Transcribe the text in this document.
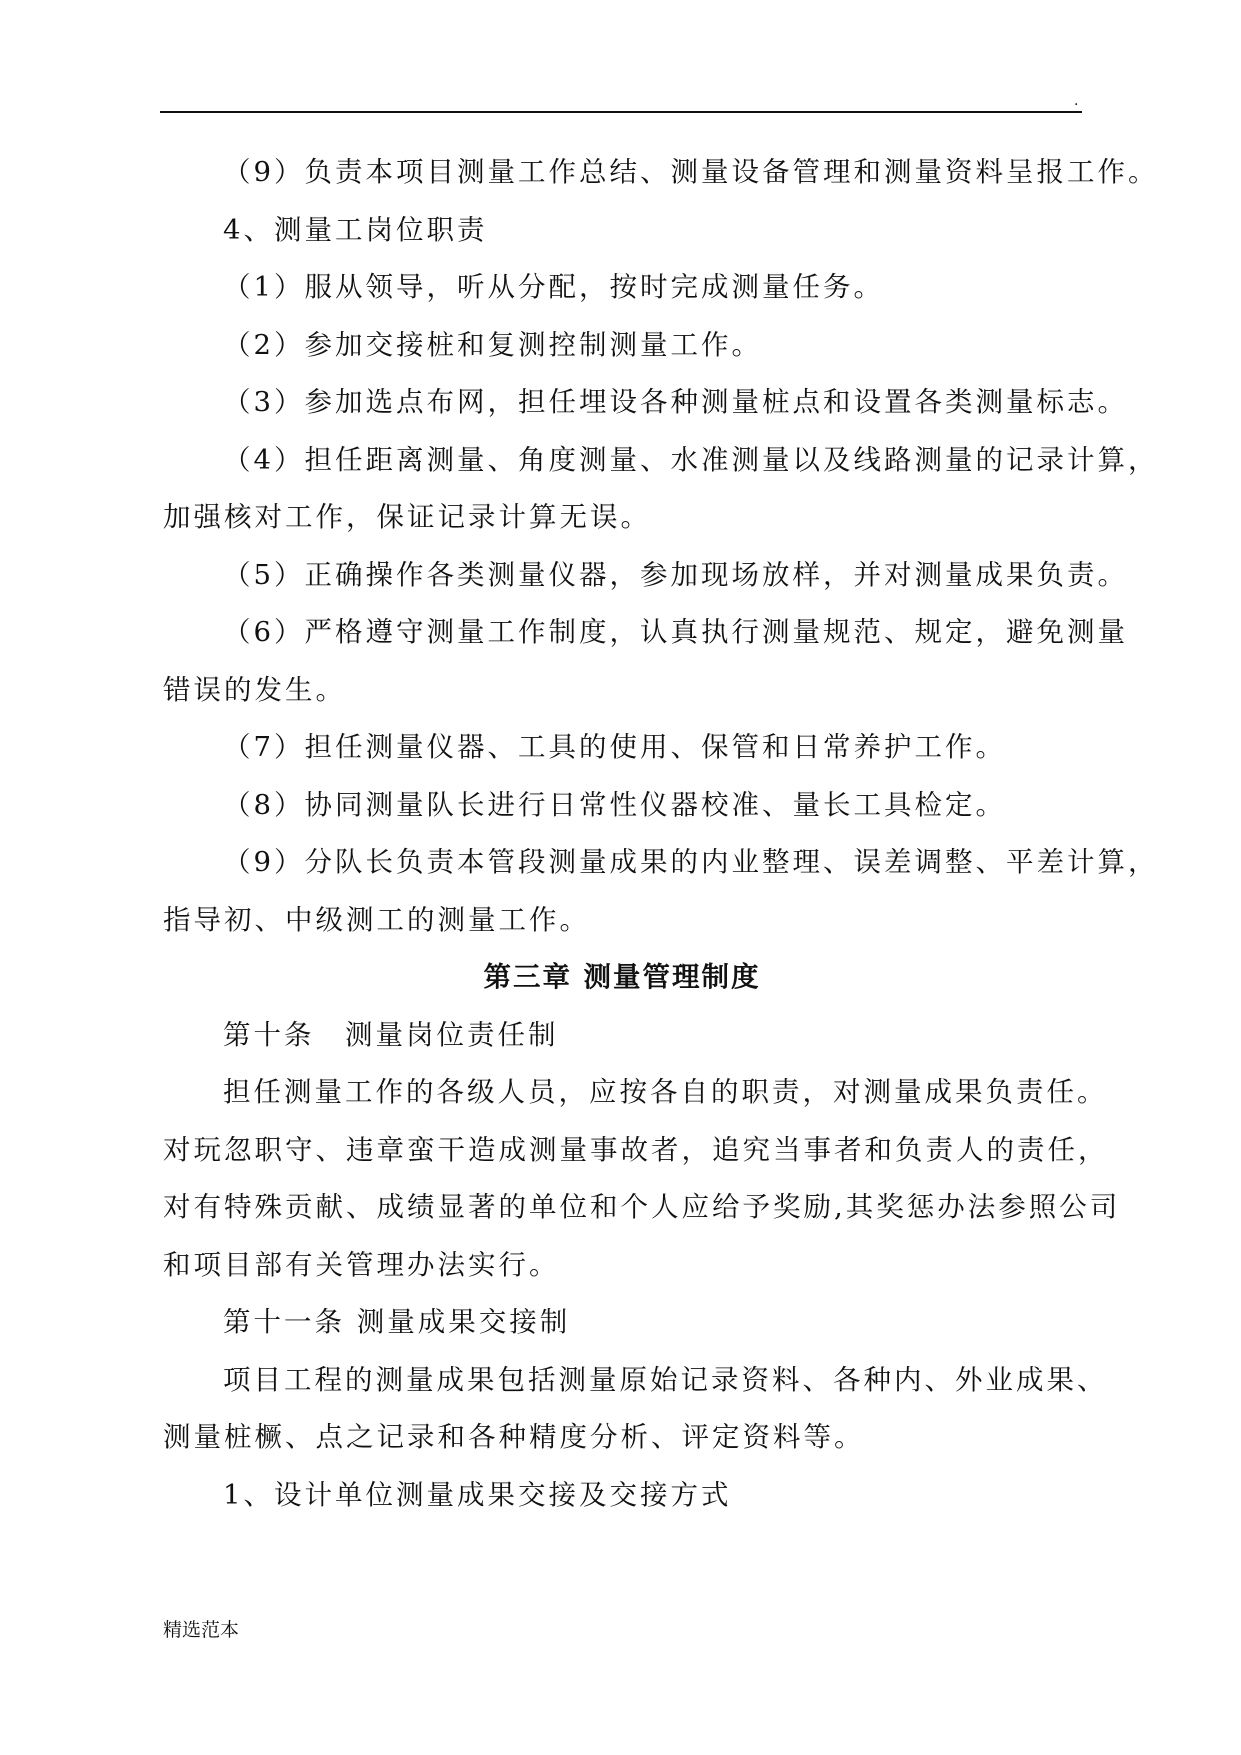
.
（9）负责本项目测量工作总结、测量设备管理和测量资料呈报工作。
4、测量工岗位职责
（1）服从领导，听从分配，按时完成测量任务。
（2）参加交接桩和复测控制测量工作。
（3）参加选点布网，担任埋设各种测量桩点和设置各类测量标志。
（4）担任距离测量、角度测量、水准测量以及线路测量的记录计算，
加强核对工作，保证记录计算无误。
（5）正确操作各类测量仪器，参加现场放样，并对测量成果负责。
（6）严格遵守测量工作制度，认真执行测量规范、规定，避免测量
错误的发生。
（7）担任测量仪器、工具的使用、保管和日常养护工作。
（8）协同测量队长进行日常性仪器校准、量长工具检定。
（9）分队长负责本管段测量成果的内业整理、误差调整、平差计算，
指导初、中级测工的测量工作。
第三章 测量管理制度
第十条　测量岗位责任制
担任测量工作的各级人员，应按各自的职责，对测量成果负责任。
对玩忽职守、违章蛮干造成测量事故者，追究当事者和负责人的责任，
对有特殊贡献、成绩显著的单位和个人应给予奖励,其奖惩办法参照公司
和项目部有关管理办法实行。
第十一条 测量成果交接制
项目工程的测量成果包括测量原始记录资料、各种内、外业成果、
测量桩橛、点之记录和各种精度分析、评定资料等。
1、设计单位测量成果交接及交接方式
精选范本
